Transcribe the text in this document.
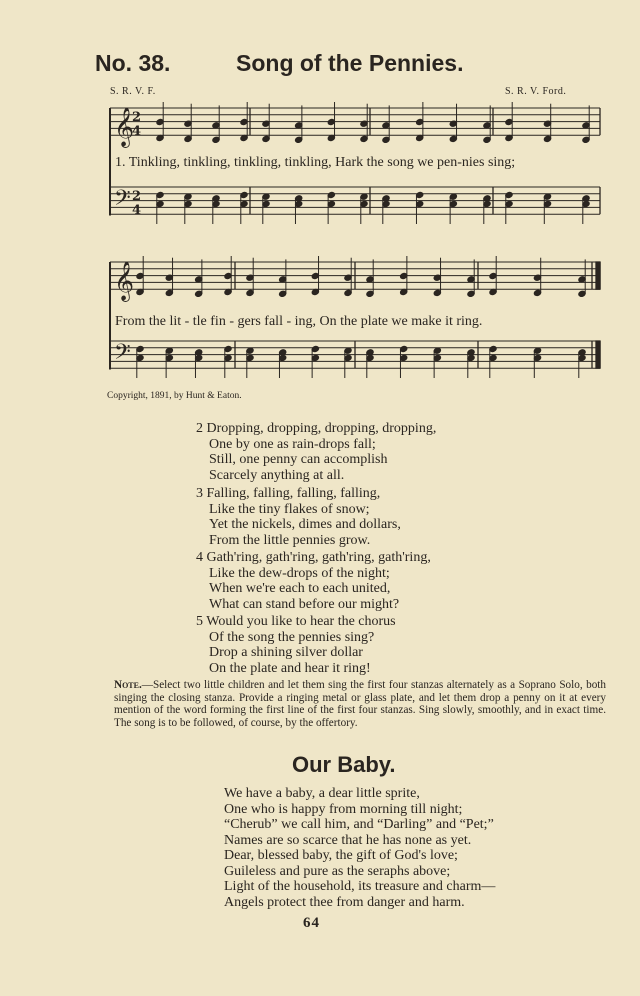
No. 38.	Song of the Pennies.
S. R. V. F.	S. R. V. Ford.
𝄞
𝄞
𝄢
𝄢
2
4
2
4
1. Tinkling, tinkling, tinkling, tinkling, Hark the song we pen-nies sing;
From the lit - tle fin - gers fall - ing, On the plate we make it ring.
Copyright, 1891, by Hunt & Eaton.
2 Dropping, dropping, dropping, dropping,
One by one as rain-drops fall;
Still, one penny can accomplish
Scarcely anything at all.
3 Falling, falling, falling, falling,
Like the tiny flakes of snow;
Yet the nickels, dimes and dollars,
From the little pennies grow.
4 Gath'ring, gath'ring, gath'ring, gath'ring,
Like the dew-drops of the night;
When we're each to each united,
What can stand before our might?
5 Would you like to hear the chorus
Of the song the pennies sing?
Drop a shining silver dollar
On the plate and hear it ring!
Note.—Select two little children and let them sing the first four stanzas alternately as a Soprano Solo, both singing the closing stanza. Provide a ringing metal or glass plate, and let them drop a penny on it at every mention of the word forming the first line of the first four stanzas. Sing slowly, smoothly, and in exact time. The song is to be followed, of course, by the offertory.
Our Baby.
We have a baby, a dear little sprite,
One who is happy from morning till night;
“Cherub” we call him, and “Darling” and “Pet;”
Names are so scarce that he has none as yet.
Dear, blessed baby, the gift of God's love;
Guileless and pure as the seraphs above;
Light of the household, its treasure and charm—
Angels protect thee from danger and harm.
64
